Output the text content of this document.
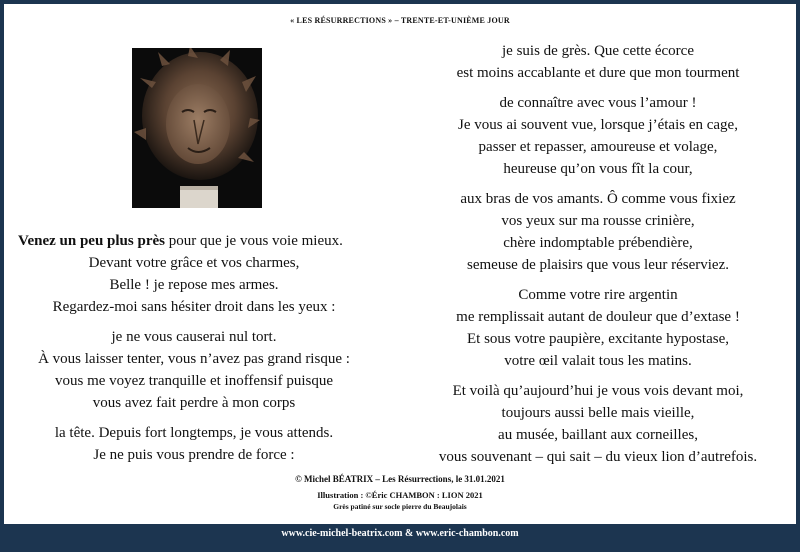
« LES RÉSURRECTIONS » – TRENTE-ET-UNIÈME JOUR
Venez un peu plus près pour que je vous voie mieux.
Devant votre grâce et vos charmes,
Belle ! je repose mes armes.
Regardez-moi sans hésiter droit dans les yeux :
je ne vous causerai nul tort.
À vous laisser tenter, vous n’avez pas grand risque :
vous me voyez tranquille et inoffensif puisque
vous avez fait perdre à mon corps
la tête. Depuis fort longtemps, je vous attends.
Je ne puis vous prendre de force :
je suis de grès. Que cette écorce
est moins accablante et dure que mon tourment
de connaître avec vous l’amour !
Je vous ai souvent vue, lorsque j’étais en cage,
passer et repasser, amoureuse et volage,
heureuse qu’on vous fît la cour,
aux bras de vos amants. Ô comme vous fixiez
vos yeux sur ma rousse crinière,
chère indomptable prébendière,
semeuse de plaisirs que vous leur réserviez.
Comme votre rire argentin
me remplissait autant de douleur que d’extase !
Et sous votre paupière, excitante hypostase,
votre œil valait tous les matins.
Et voilà qu’aujourd’hui je vous vois devant moi,
toujours aussi belle mais vieille,
au musée, baillant aux corneilles,
vous souvenant – qui sait – du vieux lion d’autrefois.
© Michel BÉATRIX – Les Résurrections, le 31.01.2021
Illustration : ©Éric CHAMBON : LION 2021
Grès patiné sur socle pierre du Beaujolais
www.cie-michel-beatrix.com & www.eric-chambon.com
